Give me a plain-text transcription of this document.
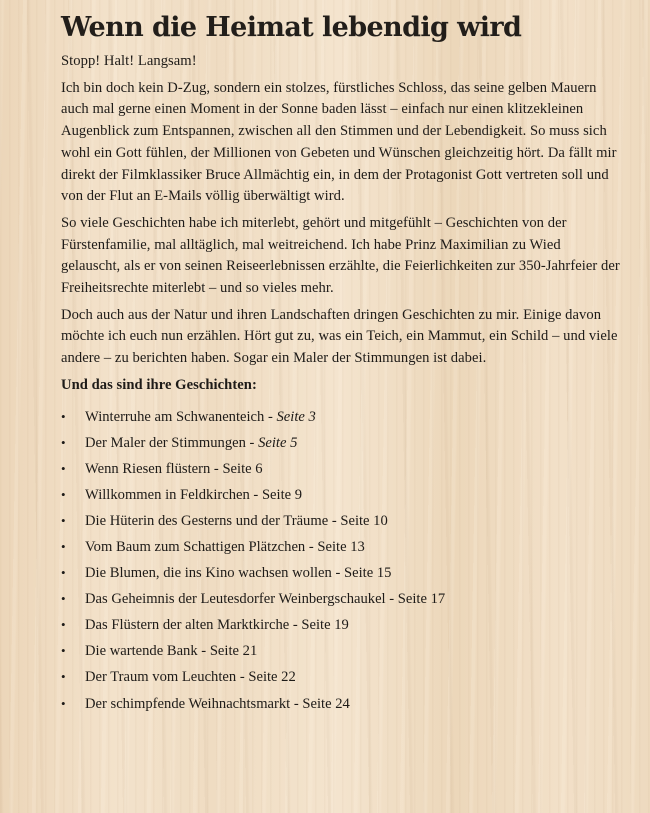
Wenn die Heimat lebendig wird

Stopp! Halt! Langsam!

Ich bin doch kein D-Zug, sondern ein stolzes, fürstliches Schloss, das seine gelben Mauern auch mal gerne einen Moment in der Sonne baden lässt – einfach nur einen klitzekleinen Augenblick zum Entspannen, zwischen all den Stimmen und der Lebendigkeit. So muss sich wohl ein Gott fühlen, der Millionen von Gebeten und Wünschen gleichzeitig hört. Da fällt mir direkt der Filmklassiker Bruce Allmächtig ein, in dem der Protagonist Gott vertreten soll und von der Flut an E-Mails völlig überwältigt wird.

So viele Geschichten habe ich miterlebt, gehört und mitgefühlt – Geschichten von der Fürstenfamilie, mal alltäglich, mal weitreichend. Ich habe Prinz Maximilian zu Wied gelauscht, als er von seinen Reiseerlebnissen erzählte, die Feierlichkeiten zur 350-Jahrfeier der Freiheitsrechte miterlebt – und so vieles mehr.

Doch auch aus der Natur und ihren Landschaften dringen Geschichten zu mir. Einige davon möchte ich euch nun erzählen. Hört gut zu, was ein Teich, ein Mammut, ein Schild – und viele andere – zu berichten haben. Sogar ein Maler der Stimmungen ist dabei.

Und das sind ihre Geschichten:

• Winterruhe am Schwanenteich - Seite 3
• Der Maler der Stimmungen - Seite 5
• Wenn Riesen flüstern - Seite 6
• Willkommen in Feldkirchen - Seite 9
• Die Hüterin des Gesterns und der Träume - Seite 10
• Vom Baum zum Schattigen Plätzchen - Seite 13
• Die Blumen, die ins Kino wachsen wollen - Seite 15
• Das Geheimnis der Leutesdorfer Weinbergschaukel - Seite 17
• Das Flüstern der alten Marktkirche - Seite 19
• Die wartende Bank - Seite 21
• Der Traum vom Leuchten - Seite 22
• Der schimpfende Weihnachtsmarkt - Seite 24
